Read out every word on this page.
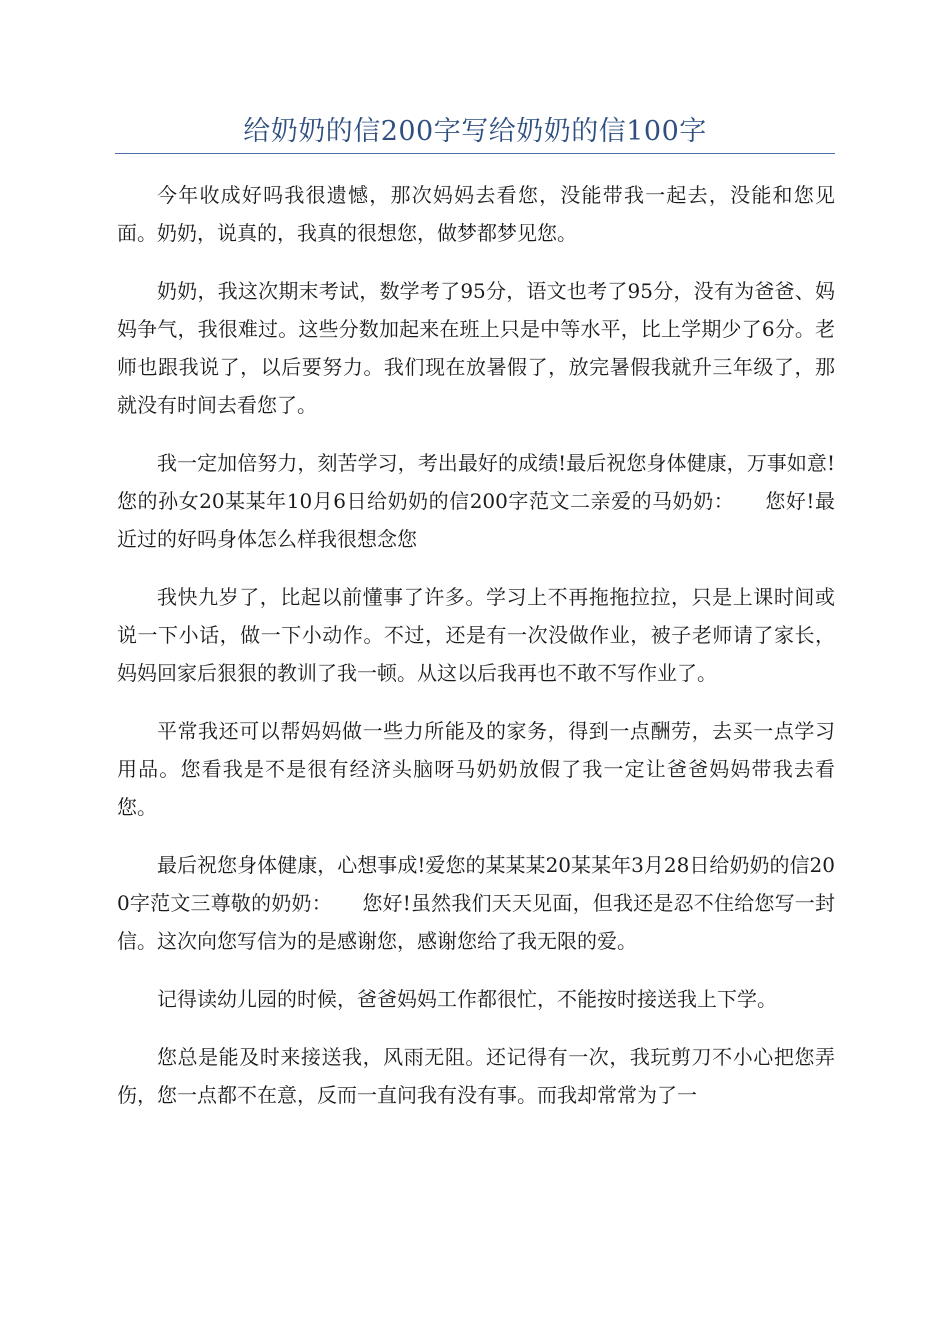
给奶奶的信200字写给奶奶的信100字

今年收成好吗我很遗憾，那次妈妈去看您，没能带我一起去，没能和您见面。奶奶，说真的，我真的很想您，做梦都梦见您。

奶奶，我这次期末考试，数学考了95分，语文也考了95分，没有为爸爸、妈妈争气，我很难过。这些分数加起来在班上只是中等水平，比上学期少了6分。老师也跟我说了，以后要努力。我们现在放暑假了，放完暑假我就升三年级了，那就没有时间去看您了。

我一定加倍努力，刻苦学习，考出最好的成绩!最后祝您身体健康，万事如意!您的孙女20某某年10月6日给奶奶的信200字范文二亲爱的马奶奶：　　您好!最近过的好吗身体怎么样我很想念您

我快九岁了，比起以前懂事了许多。学习上不再拖拖拉拉，只是上课时间或说一下小话，做一下小动作。不过，还是有一次没做作业，被子老师请了家长，妈妈回家后狠狠的教训了我一顿。从这以后我再也不敢不写作业了。

平常我还可以帮妈妈做一些力所能及的家务，得到一点酬劳，去买一点学习用品。您看我是不是很有经济头脑呀马奶奶放假了我一定让爸爸妈妈带我去看您。

最后祝您身体健康，心想事成!爱您的某某某20某某年3月28日给奶奶的信200字范文三尊敬的奶奶：　　您好!虽然我们天天见面，但我还是忍不住给您写一封信。这次向您写信为的是感谢您，感谢您给了我无限的爱。

记得读幼儿园的时候，爸爸妈妈工作都很忙，不能按时接送我上下学。

您总是能及时来接送我，风雨无阻。还记得有一次，我玩剪刀不小心把您弄伤，您一点都不在意，反而一直问我有没有事。而我却常常为了一
